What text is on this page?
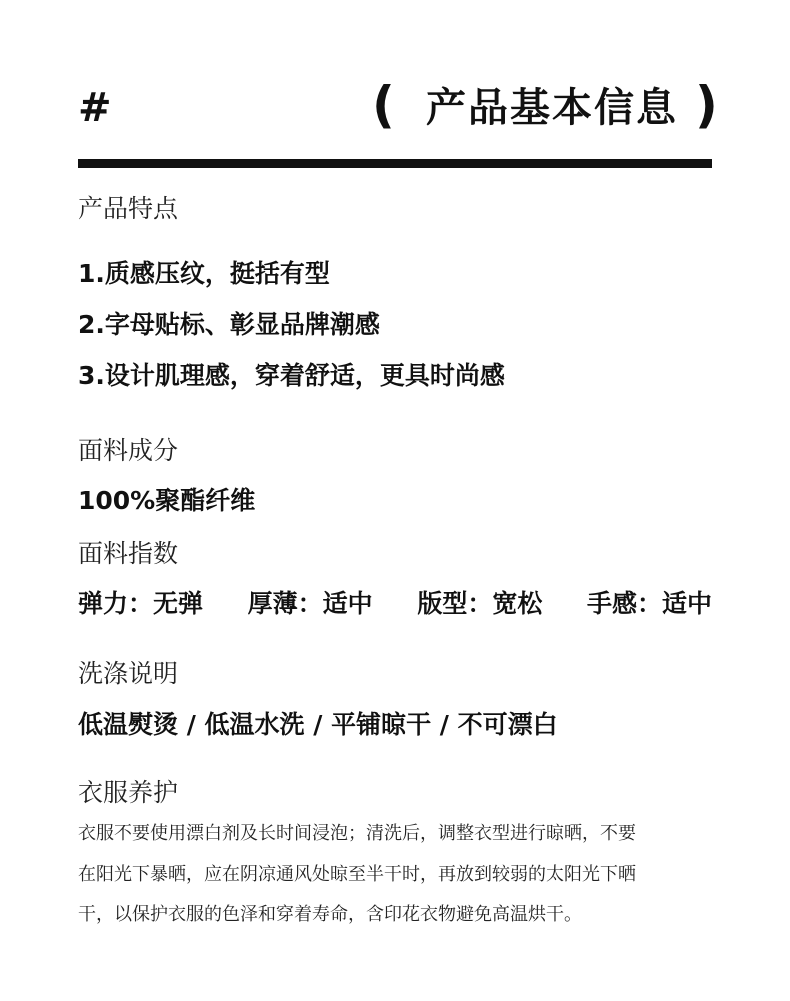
#	( 产品基本信息 )
产品特点
1.质感压纹，挺括有型
2.字母贴标、彰显品牌潮感
3.设计肌理感，穿着舒适，更具时尚感
面料成分
100%聚酯纤维
面料指数
弹力：无弹 厚薄：适中 版型：宽松 手感：适中
洗涤说明
低温熨烫 / 低温水洗 / 平铺晾干 / 不可漂白
衣服养护
衣服不要使用漂白剂及长时间浸泡；清洗后，调整衣型进行晾晒，不要
在阳光下暴晒，应在阴凉通风处晾至半干时，再放到较弱的太阳光下晒
干，以保护衣服的色泽和穿着寿命，含印花衣物避免高温烘干。
